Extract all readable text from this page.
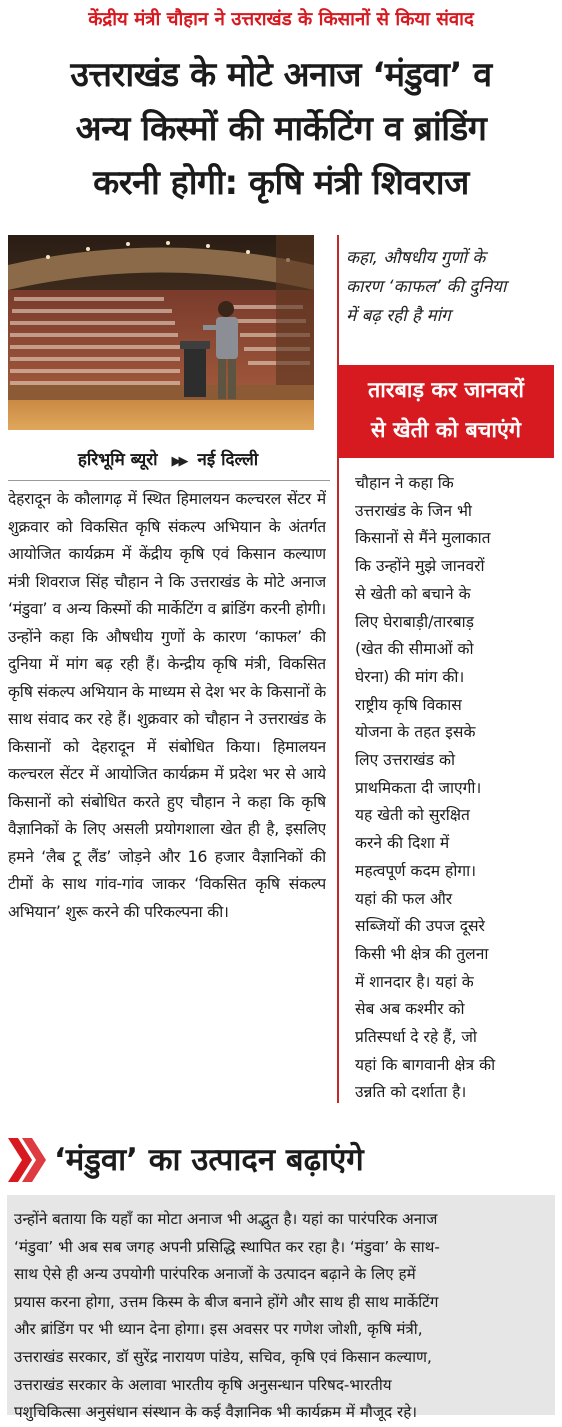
केंद्रीय मंत्री चौहान ने उत्तराखंड के किसानों से किया संवाद
उत्तराखंड के मोटे अनाज ‘मंडुवा’ व
अन्य किस्मों की मार्केटिंग व ब्रांडिंग
करनी होगी: कृषि मंत्री शिवराज
हरिभूमि ब्यूरो ▶▶ नई दिल्ली
देहरादून के कौलागढ़ में स्थित हिमालयन कल्चरल सेंटर में शुक्रवार को विकसित कृषि संकल्प अभियान के अंतर्गत आयोजित कार्यक्रम में केंद्रीय कृषि एवं किसान कल्याण मंत्री शिवराज सिंह चौहान ने कि उत्तराखंड के मोटे अनाज ‘मंडुवा’ व अन्य किस्मों की मार्केटिंग व ब्रांडिंग करनी होगी। उन्होंने कहा कि औषधीय गुणों के कारण ‘काफल’ की दुनिया में मांग बढ़ रही हैं। केन्द्रीय कृषि मंत्री, विकसित कृषि संकल्प अभियान के माध्यम से देश भर के किसानों के साथ संवाद कर रहे हैं। शुक्रवार को चौहान ने उत्तराखंड के किसानों को देहरादून में संबोधित किया। हिमालयन कल्चरल सेंटर में आयोजित कार्यक्रम में प्रदेश भर से आये किसानों को संबोधित करते हुए चौहान ने कहा कि कृषि वैज्ञानिकों के लिए असली प्रयोगशाला खेत ही है, इसलिए हमने ‘लैब टू लैंड’ जोड़ने और 16 हजार वैज्ञानिकों की टीमों के साथ गांव-गांव जाकर ‘विकसित कृषि संकल्प अभियान’ शुरू करने की परिकल्पना की।
कहा, औषधीय गुणों के
कारण ‘काफल’ की दुनिया
में बढ़ रही है मांग
तारबाड़ कर जानवरों
से खेती को बचाएंगे
चौहान ने कहा कि
उत्तराखंड के जिन भी
किसानों से मैंने मुलाकात
कि उन्होंने मुझे जानवरों
से खेती को बचाने के
लिए घेराबाड़ी/तारबाड़
(खेत की सीमाओं को
घेरना) की मांग की।
राष्ट्रीय कृषि विकास
योजना के तहत इसके
लिए उत्तराखंड को
प्राथमिकता दी जाएगी।
यह खेती को सुरक्षित
करने की दिशा में
महत्वपूर्ण कदम होगा।
यहां की फल और
सब्जियों की उपज दूसरे
किसी भी क्षेत्र की तुलना
में शानदार है। यहां के
सेब अब कश्मीर को
प्रतिस्पर्धा दे रहे हैं, जो
यहां कि बागवानी क्षेत्र की
उन्नति को दर्शाता है।
‘मंडुवा’ का उत्पादन बढ़ाएंगे
उन्होंने बताया कि यहाँ का मोटा अनाज भी अद्भुत है। यहां का पारंपरिक अनाज
‘मंडुवा’ भी अब सब जगह अपनी प्रसिद्धि स्थापित कर रहा है। ‘मंडुवा’ के साथ-
साथ ऐसे ही अन्य उपयोगी पारंपरिक अनाजों के उत्पादन बढ़ाने के लिए हमें
प्रयास करना होगा, उत्तम किस्म के बीज बनाने होंगे और साथ ही साथ मार्केटिंग
और ब्रांडिंग पर भी ध्यान देना होगा। इस अवसर पर गणेश जोशी, कृषि मंत्री,
उत्तराखंड सरकार, डॉ सुरेंद्र नारायण पांडेय, सचिव, कृषि एवं किसान कल्याण,
उत्तराखंड सरकार के अलावा भारतीय कृषि अनुसन्धान परिषद-भारतीय
पशुचिकित्सा अनुसंधान संस्थान के कई वैज्ञानिक भी कार्यक्रम में मौजूद रहे।
